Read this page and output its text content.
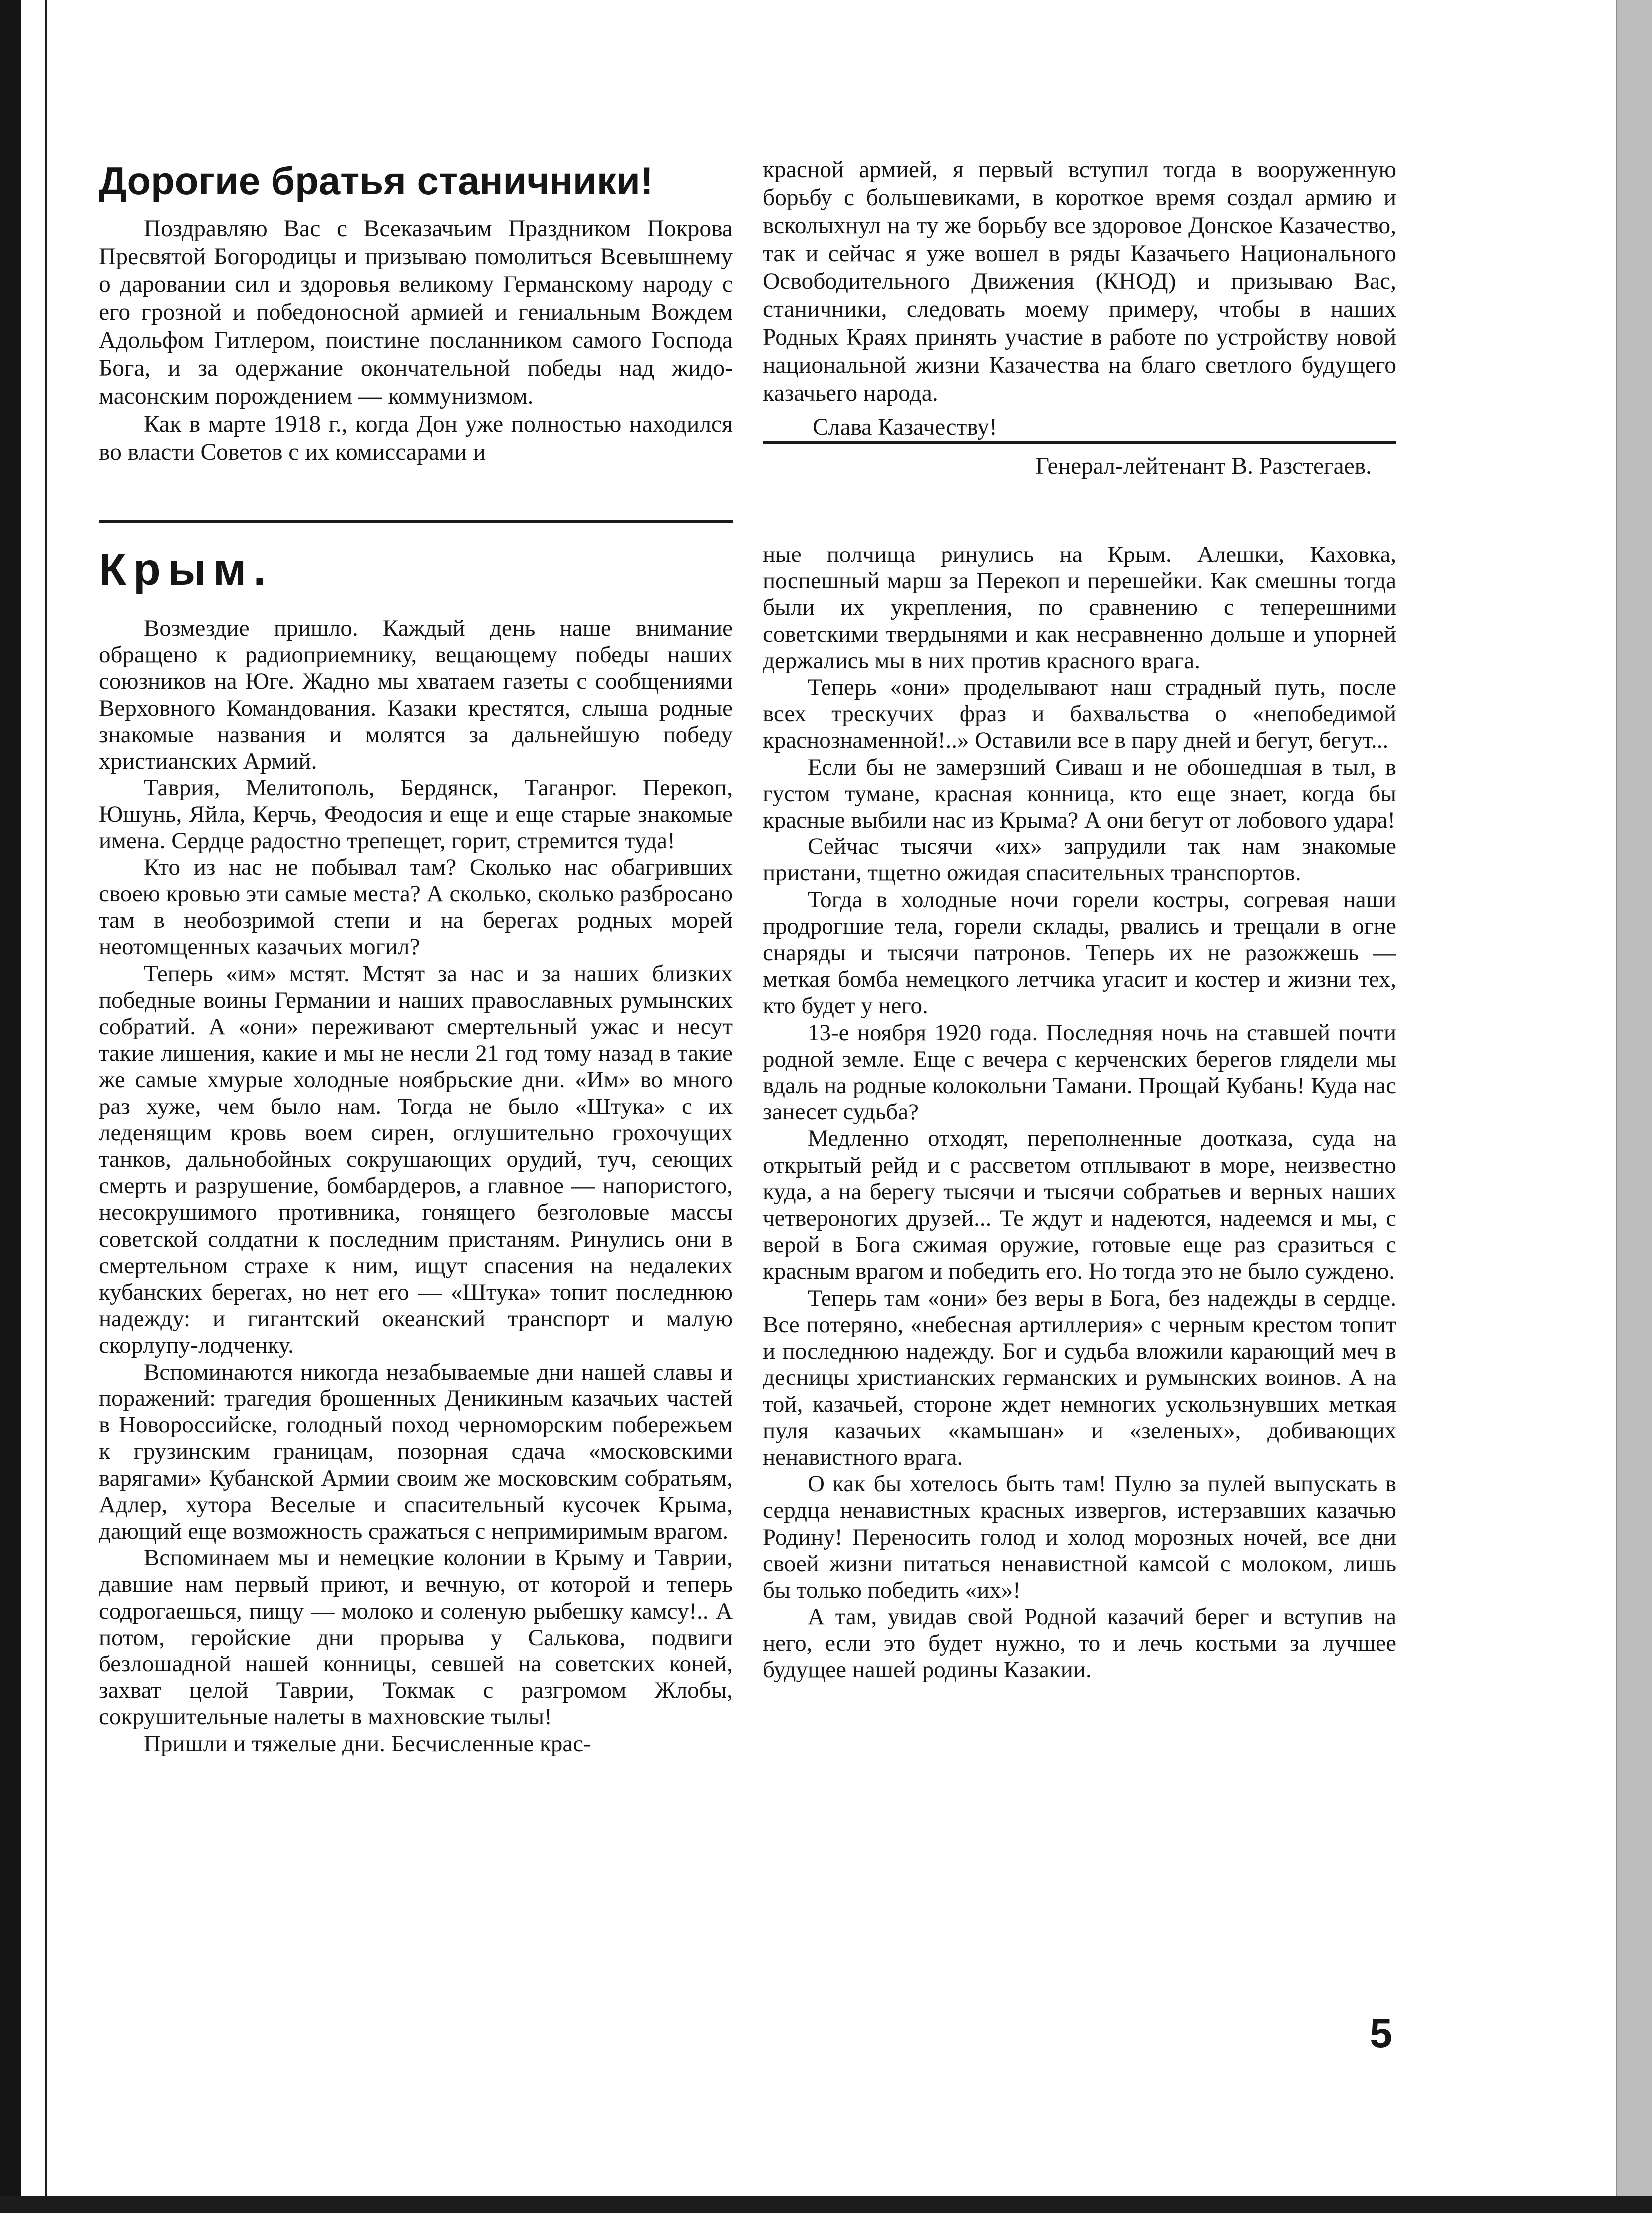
Дорогие братья станичники!

Поздравляю Вас с Всеказачьим Праздником Покрова Пресвятой Богородицы и призываю помолиться Всевышнему о даровании сил и здоровья великому Германскому народу с его грозной и победоносной армией и гениальным Вождем Адольфом Гитлером, поистине посланником самого Господа Бога, и за одержание окончательной победы над жидо-масонским порождением — коммунизмом.

Как в марте 1918 г., когда Дон уже полностью находился во власти Советов с их комиссарами и

красной армией, я первый вступил тогда в вооруженную борьбу с большевиками, в короткое время создал армию и всколыхнул на ту же борьбу все здоровое Донское Казачество, так и сейчас я уже вошел в ряды Казачьего Национального Освободительного Движения (КНОД) и призываю Вас, станичники, следовать моему примеру, чтобы в наших Родных Краях принять участие в работе по устройству новой национальной жизни Казачества на благо светлого будущего казачьего народа.

Слава Казачеству!

Генерал-лейтенант В. Разстегаев.

Крым.

Возмездие пришло. Каждый день наше внимание обращено к радиоприемнику, вещающему победы наших союзников на Юге. Жадно мы хватаем газеты с сообщениями Верховного Командования. Казаки крестятся, слыша родные знакомые названия и молятся за дальнейшую победу христианских Армий.

Таврия, Мелитополь, Бердянск, Таганрог. Перекоп, Юшунь, Яйла, Керчь, Феодосия и еще и еще старые знакомые имена. Сердце радостно трепещет, горит, стремится туда!

Кто из нас не побывал там? Сколько нас обагривших своею кровью эти самые места? А сколько, сколько разбросано там в необозримой степи и на берегах родных морей неотомщенных казачьих могил?

Теперь «им» мстят. Мстят за нас и за наших близких победные воины Германии и наших православных румынских собратий. А «они» переживают смертельный ужас и несут такие лишения, какие и мы не несли 21 год тому назад в такие же самые хмурые холодные ноябрьские дни. «Им» во много раз хуже, чем было нам. Тогда не было «Штука» с их леденящим кровь воем сирен, оглушительно грохочущих танков, дальнобойных сокрушающих орудий, туч, сеющих смерть и разрушение, бомбардеров, а главное — напористого, несокрушимого противника, гонящего безголовые массы советской солдатни к последним пристаням. Ринулись они в смертельном страхе к ним, ищут спасения на недалеких кубанских берегах, но нет его — «Штука» топит последнюю надежду: и гигантский океанский транспорт и малую скорлупу-лодченку.

Вспоминаются никогда незабываемые дни нашей славы и поражений: трагедия брошенных Деникиным казачьих частей в Новороссийске, голодный поход черноморским побережьем к грузинским границам, позорная сдача «московскими варягами» Кубанской Армии своим же московским собратьям, Адлер, хутора Веселые и спасительный кусочек Крыма, дающий еще возможность сражаться с непримиримым врагом.

Вспоминаем мы и немецкие колонии в Крыму и Таврии, давшие нам первый приют, и вечную, от которой и теперь содрогаешься, пищу — молоко и соленую рыбешку камсу!.. А потом, геройские дни прорыва у Салькова, подвиги безлошадной нашей конницы, севшей на советских коней, захват целой Таврии, Токмак с разгромом Жлобы, сокрушительные налеты в махновские тылы!

Пришли и тяжелые дни. Бесчисленные крас-

ные полчища ринулись на Крым. Алешки, Каховка, поспешный марш за Перекоп и перешейки. Как смешны тогда были их укрепления, по сравнению с теперешними советскими твердынями и как несравненно дольше и упорней держались мы в них против красного врага.

Теперь «они» проделывают наш страдный путь, после всех трескучих фраз и бахвальства о «непобедимой краснознаменной!..» Оставили все в пару дней и бегут, бегут...

Если бы не замерзший Сиваш и не обошедшая в тыл, в густом тумане, красная конница, кто еще знает, когда бы красные выбили нас из Крыма? А они бегут от лобового удара!

Сейчас тысячи «их» запрудили так нам знакомые пристани, тщетно ожидая спасительных транспортов.

Тогда в холодные ночи горели костры, согревая наши продрогшие тела, горели склады, рвались и трещали в огне снаряды и тысячи патронов. Теперь их не разожжешь — меткая бомба немецкого летчика угасит и костер и жизни тех, кто будет у него.

13-е ноября 1920 года. Последняя ночь на ставшей почти родной земле. Еще с вечера с керченских берегов глядели мы вдаль на родные колокольни Тамани. Прощай Кубань! Куда нас занесет судьба?

Медленно отходят, переполненные доотказа, суда на открытый рейд и с рассветом отплывают в море, неизвестно куда, а на берегу тысячи и тысячи собратьев и верных наших четвероногих друзей... Те ждут и надеются, надеемся и мы, с верой в Бога сжимая оружие, готовые еще раз сразиться с красным врагом и победить его. Но тогда это не было суждено.

Теперь там «они» без веры в Бога, без надежды в сердце. Все потеряно, «небесная артиллерия» с черным крестом топит и последнюю надежду. Бог и судьба вложили карающий меч в десницы христианских германских и румынских воинов. А на той, казачьей, стороне ждет немногих ускользнувших меткая пуля казачьих «камышан» и «зеленых», добивающих ненавистного врага.

О как бы хотелось быть там! Пулю за пулей выпускать в сердца ненавистных красных извергов, истерзавших казачью Родину! Переносить голод и холод морозных ночей, все дни своей жизни питаться ненавистной камсой с молоком, лишь бы только победить «их»!

А там, увидав свой Родной казачий берег и вступив на него, если это будет нужно, то и лечь костьми за лучшее будущее нашей родины Казакии.

5
